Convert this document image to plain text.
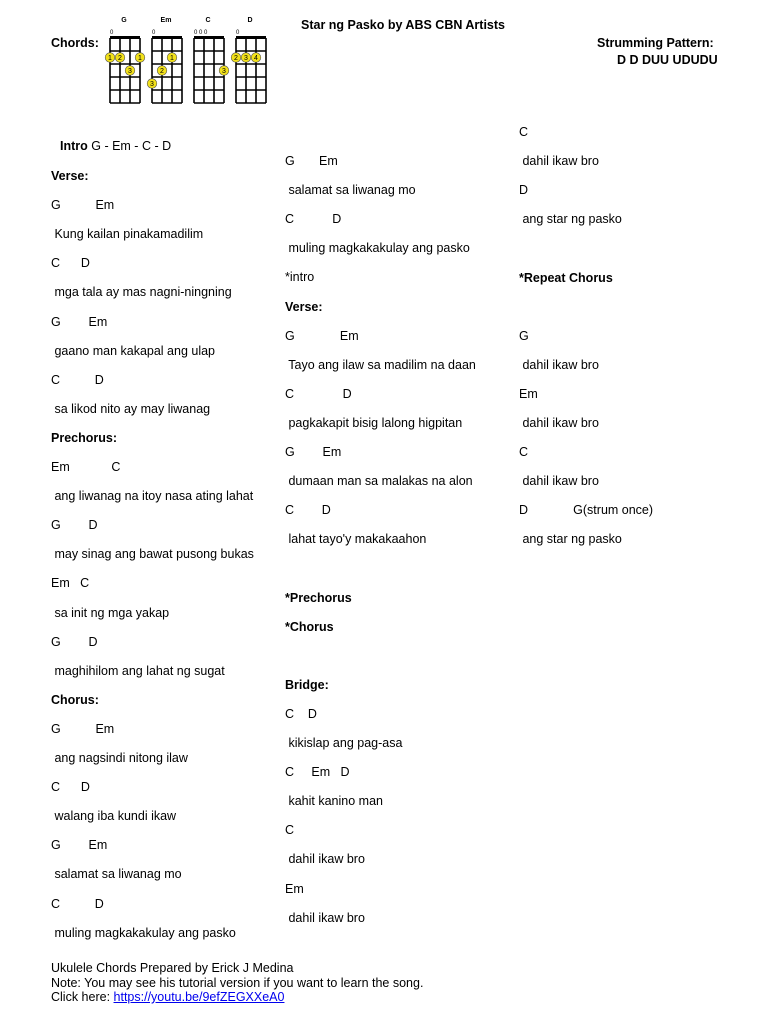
Chords:
Star ng Pasko by ABS CBN Artists
Strumming Pattern:
D D DUU UDUDU
G
0
1
3
2 1
Em
0
1
2
3
C
0 0 0
3
D
0
2 3 4
Intro G - Em - C - D
Verse:
G          Em
Kung kailan pinakamadilim
C      D
mga tala ay mas nagni-ningning
G        Em
gaano man kakapal ang ulap
C          D
sa likod nito ay may liwanag
Prechorus:
Em            C
ang liwanag na itoy nasa ating lahat
G        D
may sinag ang bawat pusong bukas
Em   C
sa init ng mga yakap
G        D
maghihilom ang lahat ng sugat
Chorus:
G          Em
ang nagsindi nitong ilaw
C      D
walang iba kundi ikaw
G        Em
salamat sa liwanag mo
C          D
muling magkakakulay ang pasko
G       Em
salamat sa liwanag mo
C           D
muling magkakakulay ang pasko
*intro
Verse:
G             Em
Tayo ang ilaw sa madilim na daan
C              D
pagkakapit bisig lalong higpitan
G        Em
dumaan man sa malakas na alon
C        D
lahat tayo'y makakaahon
*Prechorus
*Chorus
Bridge:
C    D
kikislap ang pag-asa
C     Em   D
kahit kanino man
C
dahil ikaw bro
Em
dahil ikaw bro
C
dahil ikaw bro
D
ang star ng pasko
*Repeat Chorus
G
dahil ikaw bro
Em
dahil ikaw bro
C
dahil ikaw bro
D             G(strum once)
ang star ng pasko
Ukulele Chords Prepared by Erick J Medina
Note: You may see his tutorial version if you want to learn the song.
Click here: https://youtu.be/9efZEGXXeA0
